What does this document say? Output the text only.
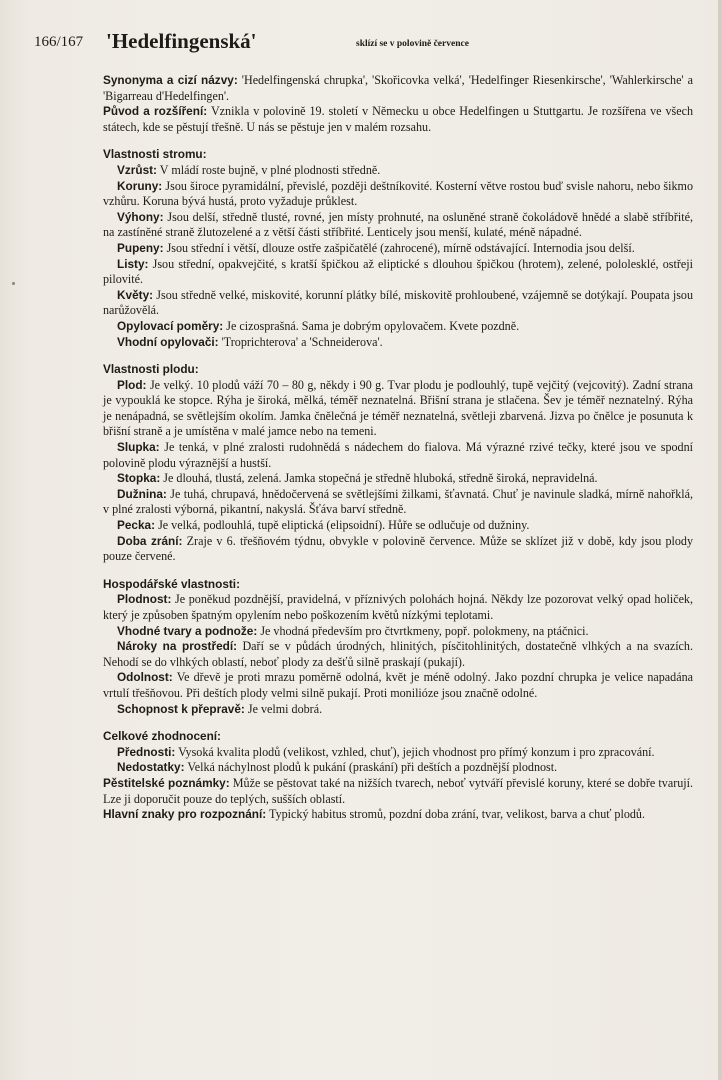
166/167 'Hedelfingenská'	sklízí se v polovině července

Synonyma a cizí názvy: 'Hedelfingenská chrupka', 'Skořicovka velká', 'Hedelfinger Riesenkirsche', 'Wahlerkirsche' a 'Bigarreau d'Hedelfingen'.

Původ a rozšíření: Vznikla v polovině 19. století v Německu u obce Hedelfingen u Stuttgartu. Je rozšířena ve všech státech, kde se pěstují třešně. U nás se pěstuje jen v malém rozsahu.

Vlastnosti stromu:

Vzrůst: V mládí roste bujně, v plné plodnosti středně.

Koruny: Jsou široce pyramidální, převislé, později deštníkovité. Kosterní větve rostou buď svisle nahoru, nebo šikmo vzhůru. Koruna bývá hustá, proto vyžaduje průklest.

Výhony: Jsou delší, středně tlusté, rovné, jen místy prohnuté, na osluněné straně čokoládově hnědé a slabě stříbřité, na zastíněné straně žlutozelené a z větší části stříbřité. Lenticely jsou menší, kulaté, méně nápadné.

Pupeny: Jsou střední i větší, dlouze ostře zašpičatělé (zahrocené), mírně odstávající. Internodia jsou delší.

Listy: Jsou střední, opakvejčité, s kratší špičkou až eliptické s dlouhou špičkou (hrotem), zelené, pololesklé, ostřeji pilovité.

Květy: Jsou středně velké, miskovité, korunní plátky bílé, miskovitě prohloubené, vzájemně se dotýkají. Poupata jsou narůžovělá.

Opylovací poměry: Je cizosprašná. Sama je dobrým opylovačem. Kvete pozdně.

Vhodní opylovači: 'Troprichterova' a 'Schneiderova'.

Vlastnosti plodu:

Plod: Je velký. 10 plodů váží 70 – 80 g, někdy i 90 g. Tvar plodu je podlouhlý, tupě vejčitý (vejcovitý). Zadní strana je vypouklá ke stopce. Rýha je široká, mělká, téměř neznatelná. Břišní strana je stlačena. Šev je téměř neznatelný. Rýha je nenápadná, se světlejším okolím. Jamka čnělečná je téměř neznatelná, světleji zbarvená. Jizva po čnělce je posunuta k břišní straně a je umístěna v malé jamce nebo na temeni.

Slupka: Je tenká, v plné zralosti rudohnědá s nádechem do fialova. Má výrazné rzivé tečky, které jsou ve spodní polovině plodu výraznější a hustší.

Stopka: Je dlouhá, tlustá, zelená. Jamka stopečná je středně hluboká, středně široká, nepravidelná.

Dužnina: Je tuhá, chrupavá, hnědočervená se světlejšími žilkami, šťavnatá. Chuť je navinule sladká, mírně nahořklá, v plné zralosti výborná, pikantní, nakyslá. Šťáva barví středně.

Pecka: Je velká, podlouhlá, tupě eliptická (elipsoidní). Hůře se odlučuje od dužniny.

Doba zrání: Zraje v 6. třešňovém týdnu, obvykle v polovině července. Může se sklízet již v době, kdy jsou plody pouze červené.

Hospodářské vlastnosti:

Plodnost: Je poněkud pozdnější, pravidelná, v příznivých polohách hojná. Někdy lze pozorovat velký opad holiček, který je způsoben špatným opylením nebo poškozením květů nízkými teplotami.

Vhodné tvary a podnože: Je vhodná především pro čtvrtkmeny, popř. polokmeny, na ptáčnici.

Nároky na prostředí: Daří se v půdách úrodných, hlinitých, písčitohlinitých, dostatečně vlhkých a na svazích. Nehodí se do vlhkých oblastí, neboť plody za dešťů silně praskají (pukají).

Odolnost: Ve dřevě je proti mrazu poměrně odolná, květ je méně odolný. Jako pozdní chrupka je velice napadána vrtulí třešňovou. Při deštích plody velmi silně pukají. Proti monilióze jsou značně odolné.

Schopnost k přepravě: Je velmi dobrá.

Celkové zhodnocení:

Přednosti: Vysoká kvalita plodů (velikost, vzhled, chuť), jejich vhodnost pro přímý konzum i pro zpracování.

Nedostatky: Velká náchylnost plodů k pukání (praskání) při deštích a pozdnější plodnost.

Pěstitelské poznámky: Může se pěstovat také na nižších tvarech, neboť vytváří převislé koruny, které se dobře tvarují. Lze ji doporučit pouze do teplých, sušších oblastí.

Hlavní znaky pro rozpoznání: Typický habitus stromů, pozdní doba zrání, tvar, velikost, barva a chuť plodů.
